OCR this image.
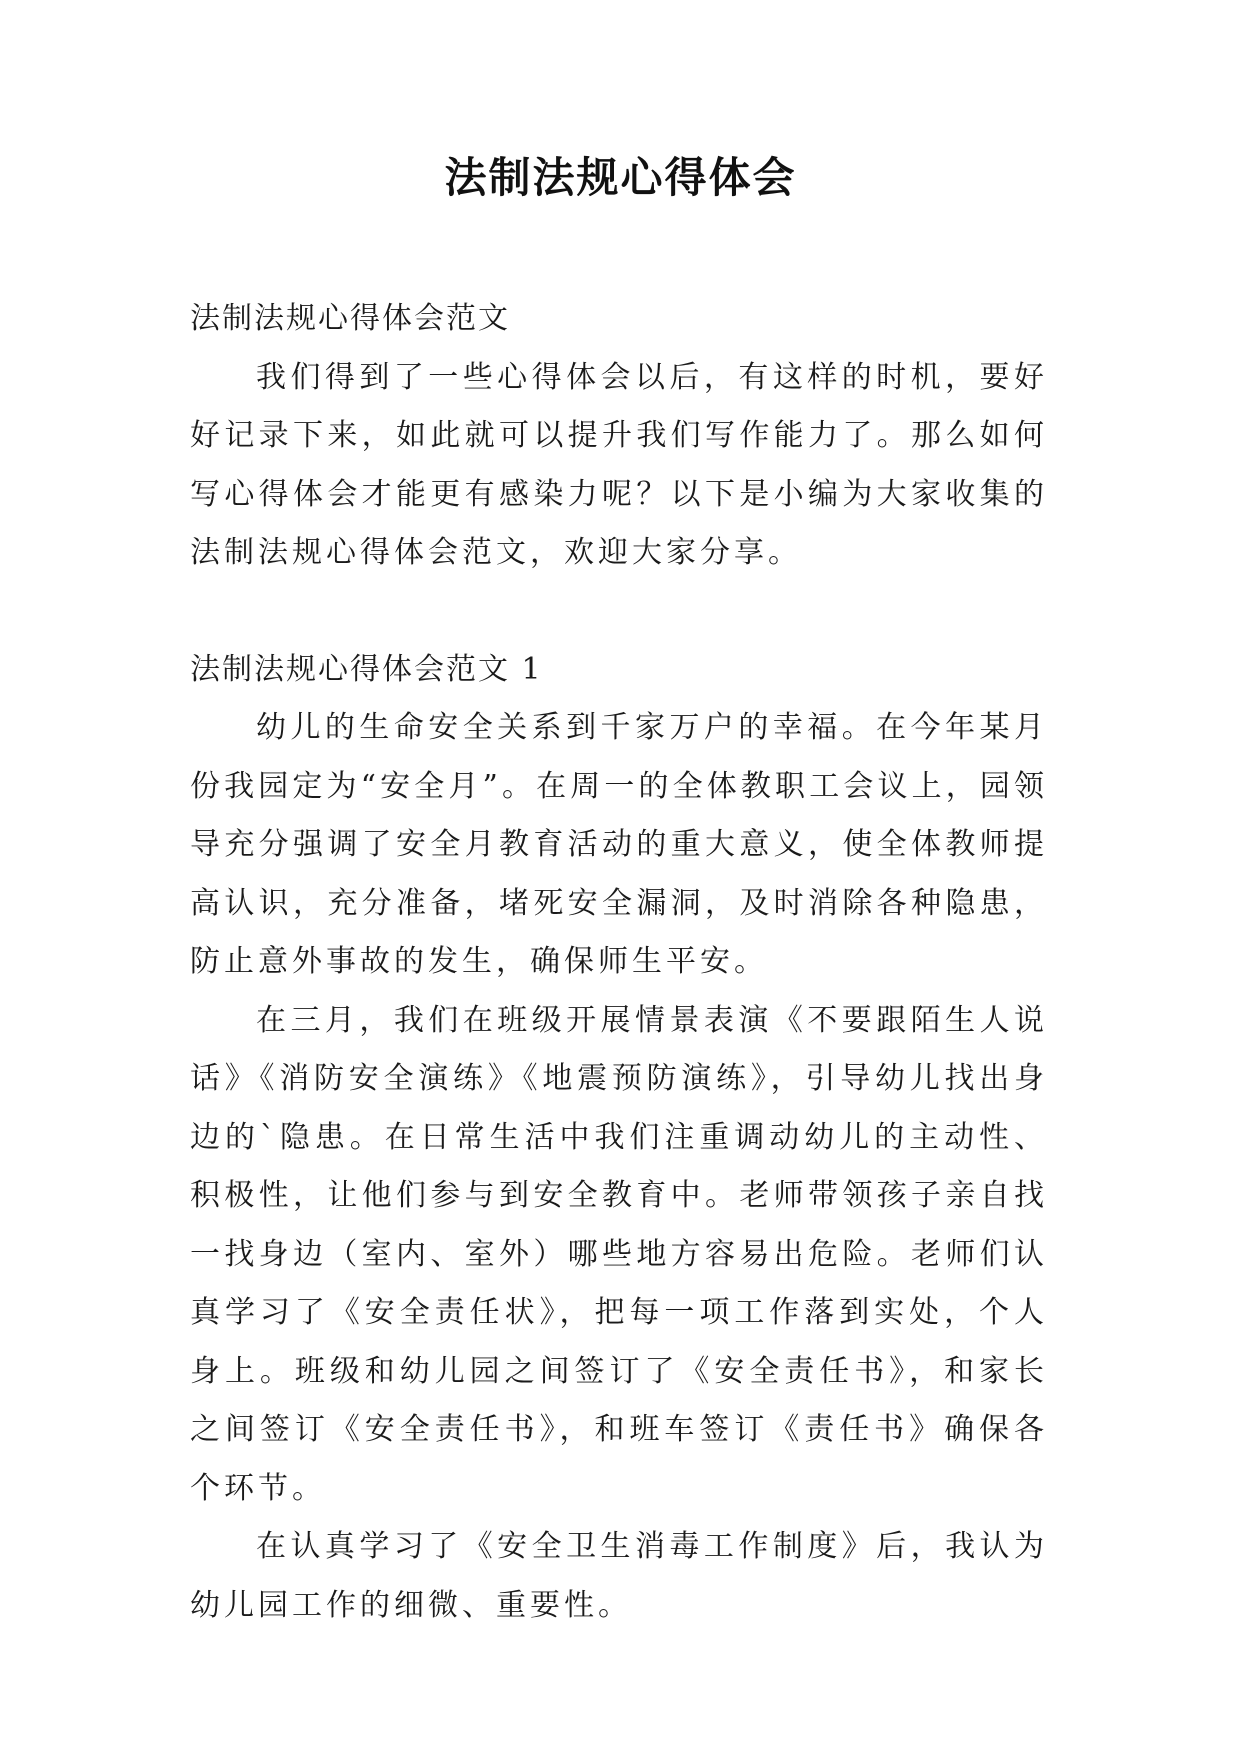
法制法规心得体会

法制法规心得体会范文

我们得到了一些心得体会以后，有这样的时机，要好好记录下来，如此就可以提升我们写作能力了。那么如何写心得体会才能更有感染力呢？以下是小编为大家收集的法制法规心得体会范文，欢迎大家分享。

法制法规心得体会范文 1

幼儿的生命安全关系到千家万户的幸福。在今年某月份我园定为“安全月”。在周一的全体教职工会议上，园领导充分强调了安全月教育活动的重大意义，使全体教师提高认识，充分准备，堵死安全漏洞，及时消除各种隐患，防止意外事故的发生，确保师生平安。

在三月，我们在班级开展情景表演《不要跟陌生人说话》《消防安全演练》《地震预防演练》，引导幼儿找出身边的`隐患。在日常生活中我们注重调动幼儿的主动性、积极性，让他们参与到安全教育中。老师带领孩子亲自找一找身边（室内、室外）哪些地方容易出危险。老师们认真学习了《安全责任状》，把每一项工作落到实处，个人身上。班级和幼儿园之间签订了《安全责任书》，和家长之间签订《安全责任书》，和班车签订《责任书》确保各个环节。

在认真学习了《安全卫生消毒工作制度》后，我认为幼儿园工作的细微、重要性。
